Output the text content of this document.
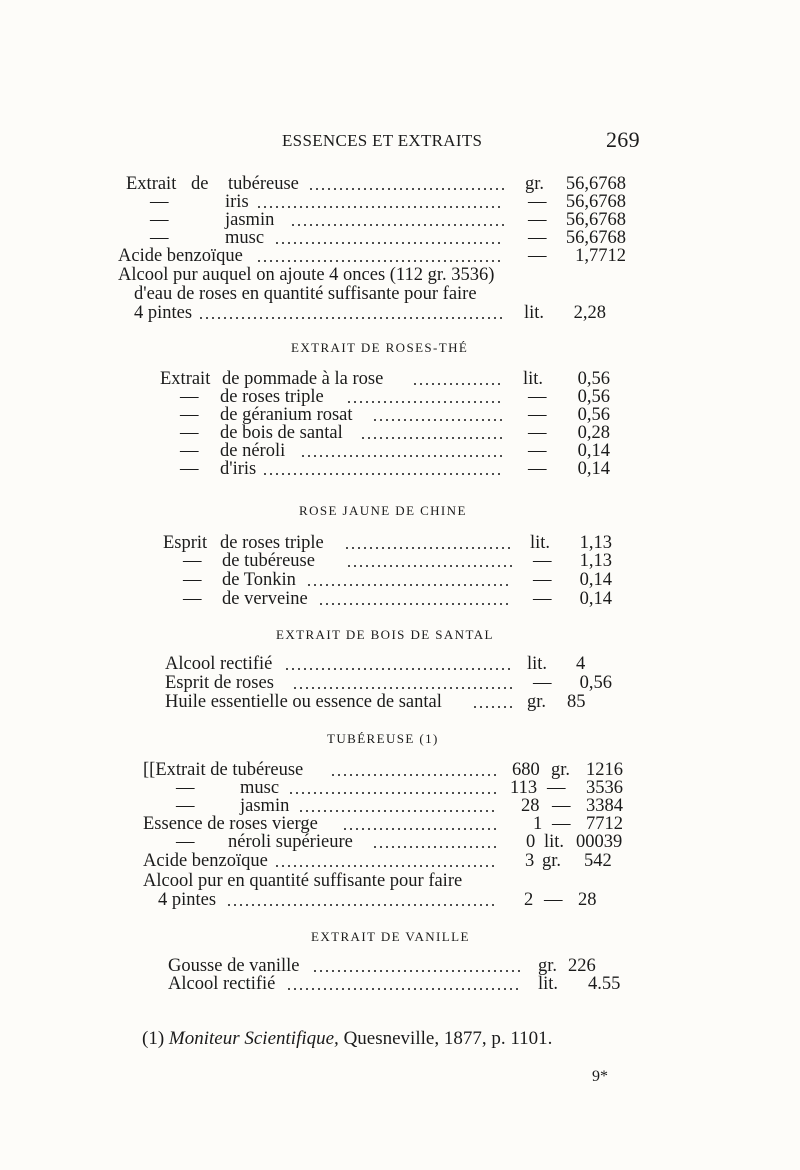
ESSENCES ET EXTRAITS	269
Extrait de tubéreuse	gr.	56,6768
—	iris	—	56,6768
—	jasmin	—	56,6768
—	musc	—	56,6768
Acide benzoïque	—	1,7712
Alcool pur auquel on ajoute 4 onces (112 gr. 3536)
d'eau de roses en quantité suffisante pour faire
4 pintes	lit.	2,28
EXTRAIT DE ROSES-THÉ
Extrait de pommade à la rose	lit.	0,56
— de roses triple	—	0,56
— de géranium rosat	—	0,56
— de bois de santal	—	0,28
— de néroli	—	0,14
— d'iris	—	0,14
ROSE JAUNE DE CHINE
Esprit de roses triple	lit.	1,13
— de tubéreuse	—	1,13
— de Tonkin	—	0,14
— de verveine	—	0,14
EXTRAIT DE BOIS DE SANTAL
Alcool rectifié	lit. 4
Esprit de roses	—	0,56
Huile essentielle ou essence de santal	gr. 85
TUBÉREUSE (1)
[[Extrait de tubéreuse	680 gr. 1216
— musc	113 — 3536
— jasmin	28 — 3384
Essence de roses vierge	1 — 7712
— néroli supérieure	0 lit. 00039
Acide benzoïque	3 gr. 542
Alcool pur en quantité suffisante pour faire
4 pintes	2 — 28
EXTRAIT DE VANILLE
Gousse de vanille	gr. 226
Alcool rectifié	lit. 4.55
(1) Moniteur Scientifique, Quesneville, 1877, p. 1101.
9*
